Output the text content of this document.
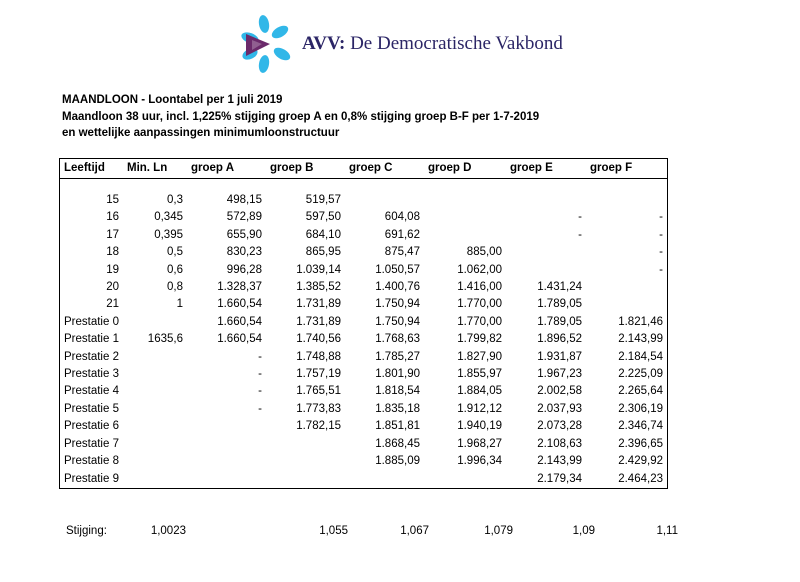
AVV: De Democratische Vakbond
MAANDLOON - Loontabel per 1 juli 2019
Maandloon 38 uur, incl. 1,225% stijging groep A en 0,8% stijging groep B-F per 1-7-2019
en wettelijke aanpassingen minimumloonstructuur
Leeftijd	Min. Ln	groep A	groep B	groep C	groep D	groep E	groep F

15	0,3	498,15	519,57				
16	0,345	572,89	597,50	604,08		-	-
17	0,395	655,90	684,10	691,62		-	-
18	0,5	830,23	865,95	875,47	885,00		-
19	0,6	996,28	1.039,14	1.050,57	1.062,00		-
20	0,8	1.328,37	1.385,52	1.400,76	1.416,00	1.431,24	
21	1	1.660,54	1.731,89	1.750,94	1.770,00	1.789,05	
Prestatie 0		1.660,54	1.731,89	1.750,94	1.770,00	1.789,05	1.821,46
Prestatie 1	1635,6	1.660,54	1.740,56	1.768,63	1.799,82	1.896,52	2.143,99
Prestatie 2		-	1.748,88	1.785,27	1.827,90	1.931,87	2.184,54
Prestatie 3		-	1.757,19	1.801,90	1.855,97	1.967,23	2.225,09
Prestatie 4		-	1.765,51	1.818,54	1.884,05	2.002,58	2.265,64
Prestatie 5		-	1.773,83	1.835,18	1.912,12	2.037,93	2.306,19
Prestatie 6			1.782,15	1.851,81	1.940,19	2.073,28	2.346,74
Prestatie 7				1.868,45	1.968,27	2.108,63	2.396,65
Prestatie 8				1.885,09	1.996,34	2.143,99	2.429,92
Prestatie 9						2.179,34	2.464,23
Stijging:	1,0023		1,055	1,067	1,079	1,09	1,11
